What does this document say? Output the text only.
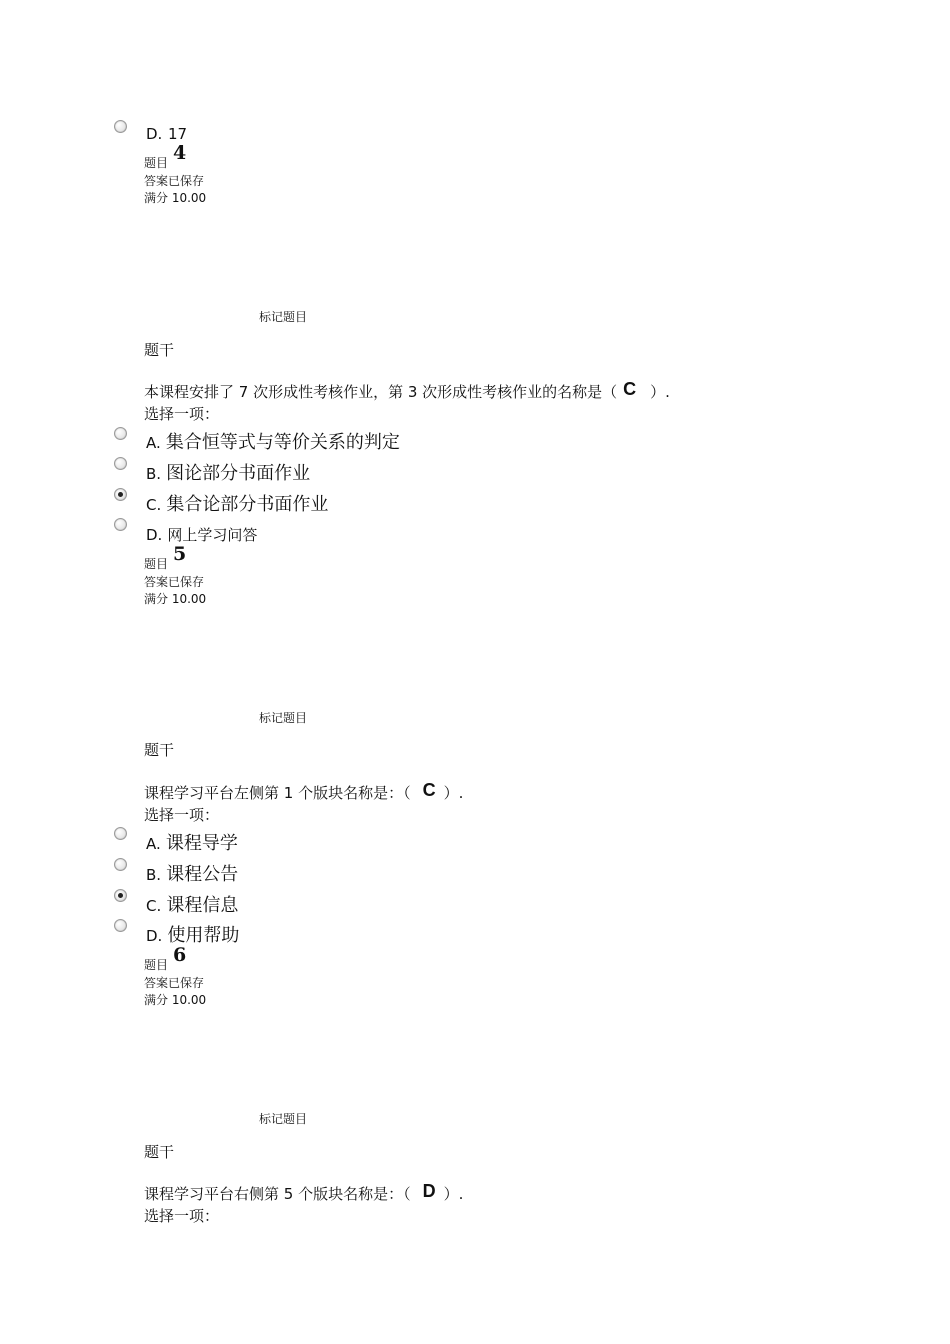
D. 17
题目 4
答案已保存
满分 10.00
标记题目
题干
本课程安排了 7 次形成性考核作业，第 3 次形成性考核作业的名称是（ C ）.
选择一项：
A. 集合恒等式与等价关系的判定
B. 图论部分书面作业
C. 集合论部分书面作业
D. 网上学习问答
题目 5
答案已保存
满分 10.00
标记题目
题干
课程学习平台左侧第 1 个版块名称是：（ C ）.
选择一项：
A. 课程导学
B. 课程公告
C. 课程信息
D. 使用帮助
题目 6
答案已保存
满分 10.00
标记题目
题干
课程学习平台右侧第 5 个版块名称是：（ D ）.
选择一项：
